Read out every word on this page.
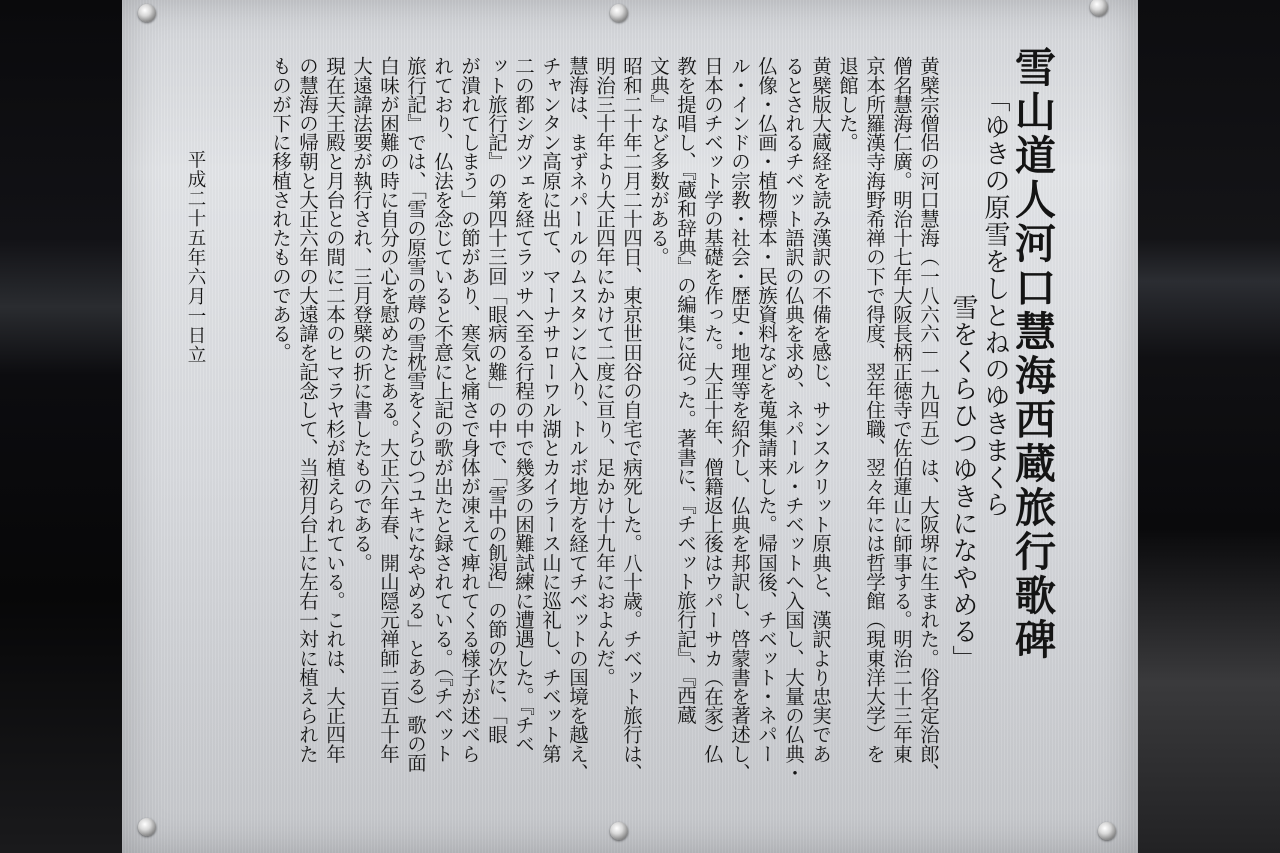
雪山道人河口慧海西蔵旅行歌碑
「ゆきの原雪をしとねのゆきまくら
雪をくらひつゆきになやめる」
黄檗宗僧侶の河口慧海（一八六六－一九四五）は、大阪堺に生まれた。俗名定治郎、
僧名慧海仁廣。明治十七年大阪長柄正徳寺で佐伯蓮山に師事する。明治二十三年東
京本所羅漢寺海野希禅の下で得度、翌年住職、翌々年には哲学館（現東洋大学）を
退館した。
黄檗版大蔵経を読み漢訳の不備を感じ、サンスクリット原典と、漢訳より忠実であ
るとされるチベット語訳の仏典を求め、ネパール・チベットへ入国し、大量の仏典・
仏像・仏画・植物標本・民族資料などを蒐集請来した。帰国後、チベット・ネパー
ル・インドの宗教・社会・歴史・地理等を紹介し、仏典を邦訳し、啓蒙書を著述し、
日本のチベット学の基礎を作った。大正十年、僧籍返上後はウパーサカ（在家）仏
教を提唱し、『蔵和辞典』の編集に従った。著書に、『チベット旅行記』、『西蔵
文典』など多数がある。
昭和二十年二月二十四日、東京世田谷の自宅で病死した。八十歳。チベット旅行は、
明治三十年より大正四年にかけて二度に亘り、足かけ十九年におよんだ。
慧海は、まずネパールのムスタンに入り、トルボ地方を経てチベットの国境を越え、
チャンタン高原に出て、マーナサローワル湖とカイラース山に巡礼し、チベット第
二の都シガツェを経てラッサへ至る行程の中で幾多の困難試練に遭遇した。『チベ
ット旅行記』の第四十三回「眼病の難」の中で、「雪中の飢渇」の節の次に、「眼
が潰れてしまう」の節があり、寒気と痛さで身体が凍えて痺れてくる様子が述べら
れており、仏法を念じていると不意に上記の歌が出たと録されている。（『チベット
旅行記』では、「雪の原雪の蓐の雪枕雪をくらひつユキになやめる」とある）歌の面
白味が困難の時に自分の心を慰めたとある。大正六年春、開山隠元禅師二百五十年
大遠諱法要が執行され、三月登檗の折に書したものである。
現在天王殿と月台との間に二本のヒマラヤ杉が植えられている。これは、大正四年
の慧海の帰朝と大正六年の大遠諱を記念して、当初月台上に左右一対に植えられた
ものが下に移植されたものである。
平成二十五年六月一日立
